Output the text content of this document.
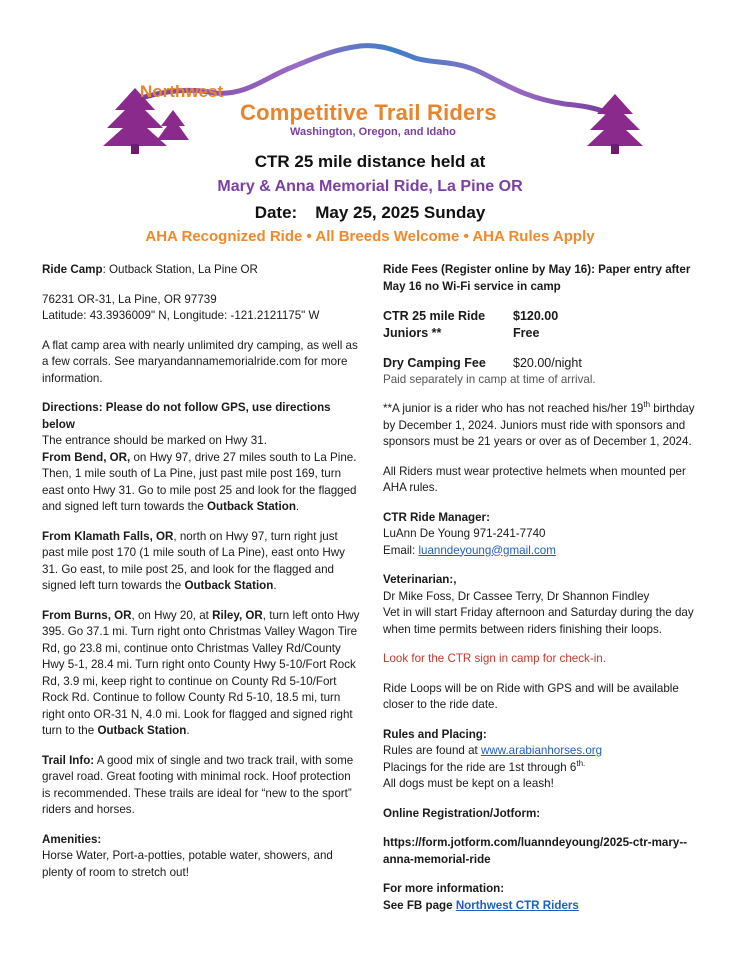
Northwest
Competitive Trail Riders
Washington, Oregon, and Idaho
CTR 25 mile distance held at
Mary & Anna Memorial Ride, La Pine OR
Date: May 25, 2025 Sunday
AHA Recognized Ride • All Breeds Welcome • AHA Rules Apply

Ride Camp: Outback Station, La Pine OR

76231 OR-31, La Pine, OR 97739
Latitude: 43.3936009" N, Longitude: -121.2121175" W

A flat camp area with nearly unlimited dry camping, as well as a few corrals. See maryandannamemorialride.com for more information.

Directions: Please do not follow GPS, use directions below
The entrance should be marked on Hwy 31.

From Bend, OR, on Hwy 97, drive 27 miles south to La Pine. Then, 1 mile south of La Pine, just past mile post 169, turn east onto Hwy 31. Go to mile post 25 and look for the flagged and signed left turn towards the Outback Station.

From Klamath Falls, OR, north on Hwy 97, turn right just past mile post 170 (1 mile south of La Pine), east onto Hwy 31. Go east, to mile post 25, and look for the flagged and signed left turn towards the Outback Station.

From Burns, OR, on Hwy 20, at Riley, OR, turn left onto Hwy 395. Go 37.1 mi. Turn right onto Christmas Valley Wagon Tire Rd, go 23.8 mi, continue onto Christmas Valley Rd/County Hwy 5-1, 28.4 mi. Turn right onto County Hwy 5-10/Fort Rock Rd, 3.9 mi, keep right to continue on County Rd 5-10/Fort Rock Rd. Continue to follow County Rd 5-10, 18.5 mi, turn right onto OR-31 N, 4.0 mi. Look for flagged and signed right turn to the Outback Station.

Trail Info: A good mix of single and two track trail, with some gravel road. Great footing with minimal rock. Hoof protection is recommended. These trails are ideal for “new to the sport” riders and horses.

Amenities:
Horse Water, Port-a-potties, potable water, showers, and plenty of room to stretch out!

Ride Fees (Register online by May 16): Paper entry after May 16 no Wi-Fi service in camp

CTR 25 mile Ride	$120.00
Juniors **	Free
Dry Camping Fee	$20.00/night

Paid separately in camp at time of arrival.

**A junior is a rider who has not reached his/her 19th birthday by December 1, 2024. Juniors must ride with sponsors and sponsors must be 21 years or over as of December 1, 2024.

All Riders must wear protective helmets when mounted per AHA rules.

CTR Ride Manager:
LuAnn De Young 971-241-7740
Email: luanndeyoung@gmail.com

Veterinarian:,
Dr Mike Foss, Dr Cassee Terry, Dr Shannon Findley
Vet in will start Friday afternoon and Saturday during the day when time permits between riders finishing their loops.

Look for the CTR sign in camp for check-in.

Ride Loops will be on Ride with GPS and will be available closer to the ride date.

Rules and Placing:
Rules are found at www.arabianhorses.org
Placings for the ride are 1st through $6^{th.}$
All dogs must be kept on a leash!

Online Registration/Jotform:

https://form.jotform.com/luanndeyoung/2025-ctr-mary--anna-memorial-ride

For more information:
See FB page Northwest CTR Riders
